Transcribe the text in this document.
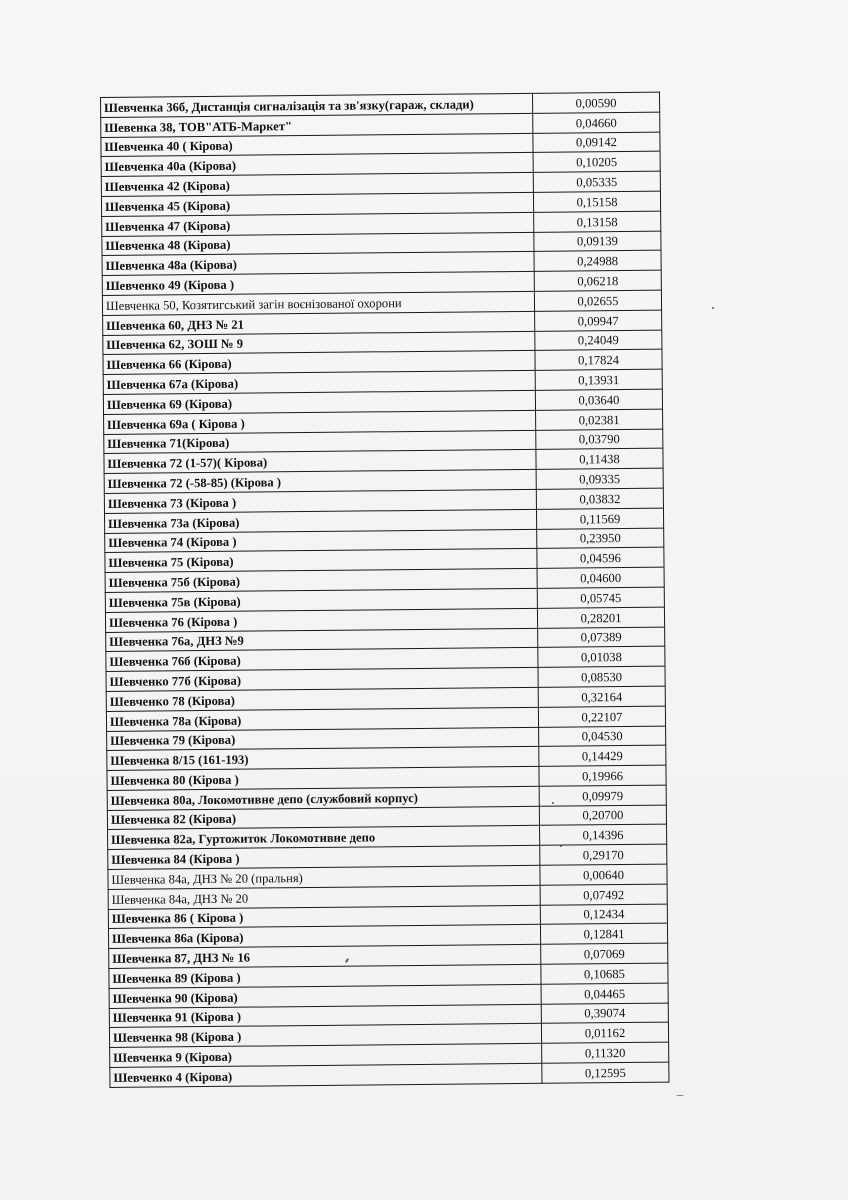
Шевченка 36б, Дистанція сигналізація та зв'язку(гараж, склади)	0,00590
Шевенка 38, ТОВ"АТБ-Маркет"	0,04660
Шевченка 40 ( Кірова)	0,09142
Шевченка 40а (Кірова)	0,10205
Шевченка 42 (Кірова)	0,05335
Шевченка 45 (Кірова)	0,15158
Шевченка 47 (Кірова)	0,13158
Шевченка 48 (Кірова)	0,09139
Шевченка 48а (Кірова)	0,24988
Шевченко 49 (Кірова )	0,06218
Шевченка 50, Козятигський загін воєнізованої охорони	0,02655
Шевченка 60, ДНЗ № 21	0,09947
Шевченка 62, ЗОШ № 9	0,24049
Шевченка 66 (Кірова)	0,17824
Шевченка 67а (Кірова)	0,13931
Шевченка 69 (Кірова)	0,03640
Шевченка 69а ( Кірова )	0,02381
Шевченка 71(Кірова)	0,03790
Шевченка 72 (1-57)( Кірова)	0,11438
Шевченка 72 (-58-85) (Кірова )	0,09335
Шевченка 73 (Кірова )	0,03832
Шевченка 73а (Кірова)	0,11569
Шевченка 74 (Кірова )	0,23950
Шевченка 75 (Кірова)	0,04596
Шевченка 75б (Кірова)	0,04600
Шевченка 75в (Кірова)	0,05745
Шевченка 76 (Кірова )	0,28201
Шевченка 76а, ДНЗ №9	0,07389
Шевченка 76б (Кірова)	0,01038
Шевченко 77б (Кірова)	0,08530
Шевченко 78 (Кірова)	0,32164
Шевченка 78а (Кірова)	0,22107
Шевченка 79 (Кірова)	0,04530
Шевченка 8/15 (161-193)	0,14429
Шевченка 80 (Кірова )	0,19966
Шевченка 80а, Локомотивне депо (службовий корпус)	0,09979
Шевченка 82 (Кірова)	0,20700
Шевченка 82а, Гуртожиток Локомотивне депо	0,14396
Шевченка 84 (Кірова )	0,29170
Шевченка 84а, ДНЗ № 20 (пральня)	0,00640
Шевченка 84а, ДНЗ № 20	0,07492
Шевченка 86 ( Кірова )	0,12434
Шевченка 86а (Кірова)	0,12841
Шевченка 87, ДНЗ № 16	0,07069
Шевченка 89 (Кірова )	0,10685
Шевченка 90 (Кірова)	0,04465
Шевченка 91 (Кірова )	0,39074
Шевченка 98 (Кірова )	0,01162
Шевченка 9 (Кірова)	0,11320
Шевченко 4 (Кірова)	0,12595
